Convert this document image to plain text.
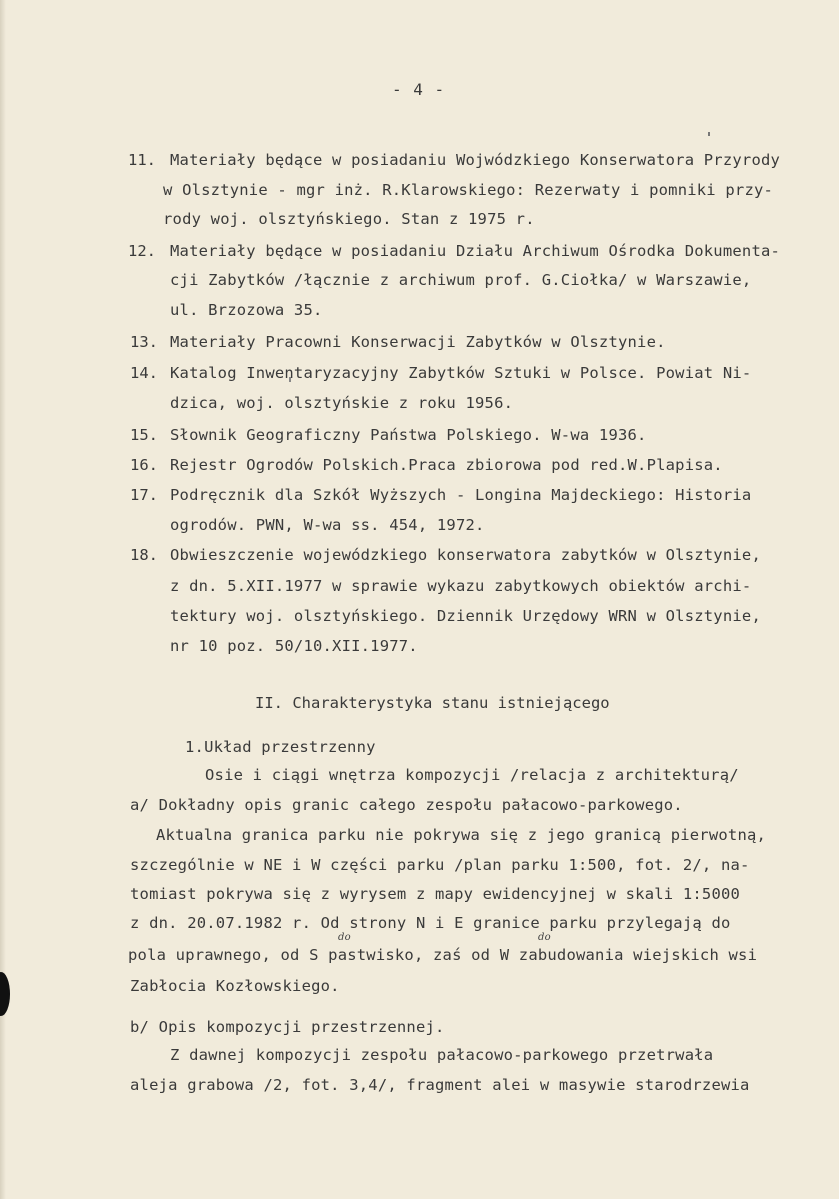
- 4 -
11. Materiały będące w posiadaniu Wojwódzkiego Konserwatora Przyrody
w Olsztynie - mgr inż. R.Klarowskiego: Rezerwaty i pomniki przy-
rody woj. olsztyńskiego. Stan z 1975 r.
12. Materiały będące w posiadaniu Działu Archiwum Ośrodka Dokumenta-
cji Zabytków /łącznie z archiwum prof. G.Ciołka/ w Warszawie,
ul. Brzozowa 35.
13. Materiały Pracowni Konserwacji Zabytków w Olsztynie.
14. Katalog Inwentaryzacyjny Zabytków Sztuki w Polsce. Powiat Ni-
dzica, woj. olsztyńskie z roku 1956.
15. Słownik Geograficzny Państwa Polskiego. W-wa 1936.
16. Rejestr Ogrodów Polskich.Praca zbiorowa pod red.W.Plapisa.
17. Podręcznik dla Szkół Wyższych - Longina Majdeckiego: Historia
ogrodów. PWN, W-wa ss. 454, 1972.
18. Obwieszczenie wojewódzkiego konserwatora zabytków w Olsztynie,
z dn. 5.XII.1977 w sprawie wykazu zabytkowych obiektów archi-
tektury woj. olsztyńskiego. Dziennik Urzędowy WRN w Olsztynie,
nr 10 poz. 50/10.XII.1977.
II. Charakterystyka stanu istniejącego
1.Układ przestrzenny
Osie i ciągi wnętrza kompozycji /relacja z architekturą/
a/ Dokładny opis granic całego zespołu pałacowo-parkowego.
Aktualna granica parku nie pokrywa się z jego granicą pierwotną,
szczególnie w NE i W części parku /plan parku 1:500, fot. 2/, na-
tomiast pokrywa się z wyrysem z mapy ewidencyjnej w skali 1:5000
z dn. 20.07.1982 r. Od strony N i E granice parku przylegają do
pola uprawnego, od S pastwisko, zaś od W zabudowania wiejskich wsi
Zabłocia Kozłowskiego.
do	do
b/ Opis kompozycji przestrzennej.
Z dawnej kompozycji zespołu pałacowo-parkowego przetrwała
aleja grabowa /2, fot. 3,4/, fragment alei w masywie starodrzewia
